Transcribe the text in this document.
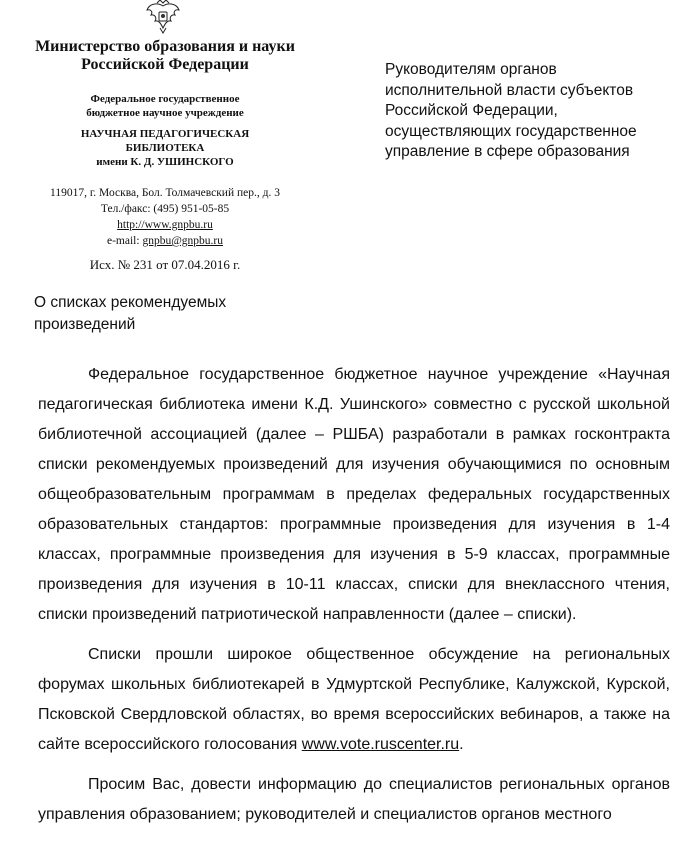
Министерство образования и науки
Российской Федерации
Федеральное государственное
бюджетное научное учреждение
НАУЧНАЯ ПЕДАГОГИЧЕСКАЯ
БИБЛИОТЕКА
имени К. Д. УШИНСКОГО
119017, г. Москва, Бол. Толмачевский пер., д. 3
Тел./факс: (495) 951-05-85
http://www.gnpbu.ru
e-mail: gnpbu@gnpbu.ru
Исх. № 231 от 07.04.2016 г.
Руководителям органов
исполнительной власти субъектов
Российской Федерации,
осуществляющих государственное
управление в сфере образования
О списках рекомендуемых
произведений

Федеральное государственное бюджетное научное учреждение «Научная педагогическая библиотека имени К.Д. Ушинского» совместно с русской школьной библиотечной ассоциацией (далее – РШБА) разработали в рамках госконтракта списки рекомендуемых произведений для изучения обучающимися по основным общеобразовательным программам в пределах федеральных государственных образовательных стандартов: программные произведения для изучения в 1-4 классах, программные произведения для изучения в 5-9 классах, программные произведения для изучения в 10-11 классах, списки для внеклассного чтения, списки произведений патриотической направленности (далее – списки).

Списки прошли широкое общественное обсуждение на региональных форумах школьных библиотекарей в Удмуртской Республике, Калужской, Курской, Псковской Свердловской областях, во время всероссийских вебинаров, а также на сайте всероссийского голосования www.vote.ruscenter.ru.

Просим Вас, довести информацию до специалистов региональных органов управления образованием; руководителей и специалистов органов местного
